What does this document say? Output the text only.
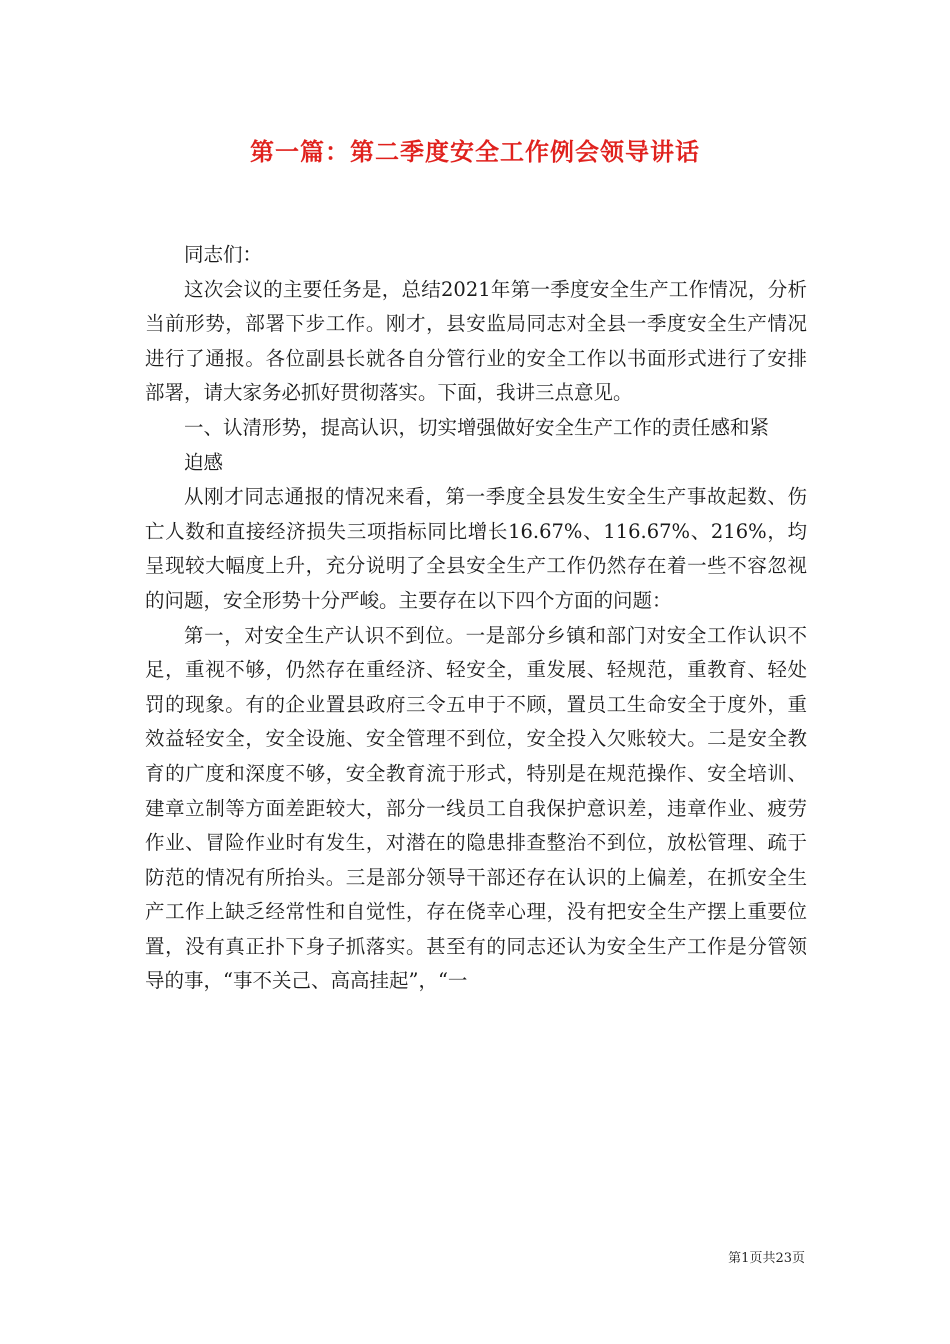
第一篇：第二季度安全工作例会领导讲话

同志们：

这次会议的主要任务是，总结2021年第一季度安全生产工作情况，分析当前形势，部署下步工作。刚才，县安监局同志对全县一季度安全生产情况进行了通报。各位副县长就各自分管行业的安全工作以书面形式进行了安排部署，请大家务必抓好贯彻落实。下面，我讲三点意见。

一、认清形势，提高认识，切实增强做好安全生产工作的责任感和紧

迫感

从刚才同志通报的情况来看，第一季度全县发生安全生产事故起数、伤亡人数和直接经济损失三项指标同比增长16.67%、116.67%、216%，均呈现较大幅度上升，充分说明了全县安全生产工作仍然存在着一些不容忽视的问题，安全形势十分严峻。主要存在以下四个方面的问题：

第一，对安全生产认识不到位。一是部分乡镇和部门对安全工作认识不足，重视不够，仍然存在重经济、轻安全，重发展、轻规范，重教育、轻处罚的现象。有的企业置县政府三令五申于不顾，置员工生命安全于度外，重效益轻安全，安全设施、安全管理不到位，安全投入欠账较大。二是安全教育的广度和深度不够，安全教育流于形式，特别是在规范操作、安全培训、建章立制等方面差距较大，部分一线员工自我保护意识差，违章作业、疲劳作业、冒险作业时有发生，对潜在的隐患排查整治不到位，放松管理、疏于防范的情况有所抬头。三是部分领导干部还存在认识的上偏差，在抓安全生产工作上缺乏经常性和自觉性，存在侥幸心理，没有把安全生产摆上重要位置，没有真正扑下身子抓落实。甚至有的同志还认为安全生产工作是分管领导的事，“事不关己、高高挂起”，“一

第1页共23页
